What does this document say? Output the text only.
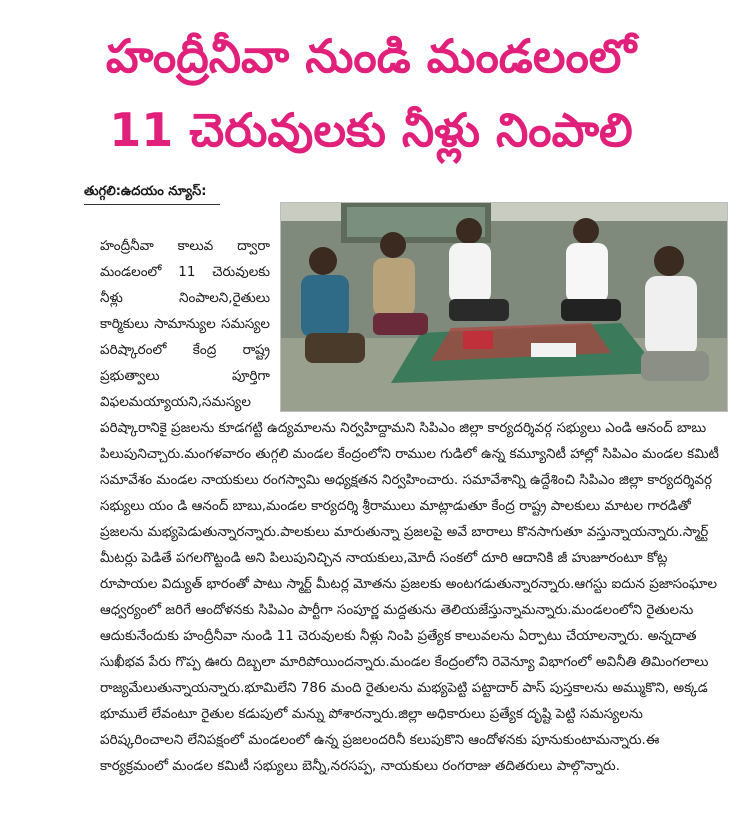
హంద్రీనీవా నుండి మండలంలో
11 చెరువులకు నీళ్లు నింపాలి
తుగ్గలి:ఉదయం న్యూస్:
హంద్రీనీవా కాలువ ద్వారా
మండలంలో 11 చెరువులకు
నీళ్లు నింపాలని,రైతులు
కార్మికులు సామాన్యుల సమస్యల
పరిష్కారంలో కేంద్ర రాష్ట్ర
ప్రభుత్వాలు పూర్తిగా
విఫలమయ్యాయని,సమస్యల
పరిష్కారానికై ప్రజలను కూడగట్టి ఉద్యమాలను నిర్వహిద్దామని సిపిఎం జిల్లా కార్యదర్శివర్గ సభ్యులు ఎండి ఆనంద్ బాబు
పిలుపునిచ్చారు.మంగళవారం తుగ్గలి మండల కేంద్రంలోని రాముల గుడిలో ఉన్న కమ్యూనిటీ హాల్లో సిపిఎం మండల కమిటీ
సమావేశం మండల నాయకులు రంగస్వామి అధ్యక్షతన నిర్వహించారు. సమావేశాన్ని ఉద్దేశించి సిపిఎం జిల్లా కార్యదర్శివర్గ
సభ్యులు యం డి ఆనంద్ బాబు,మండల కార్యదర్శి శ్రీరాములు మాట్లాడుతూ కేంద్ర రాష్ట్ర పాలకులు మాటల గారడితో
ప్రజలను మభ్యపెడుతున్నారన్నారు.పాలకులు మారుతున్నా ప్రజలపై అవే బారాలు కొనసాగుతూ వస్తున్నాయన్నారు.స్మార్ట్
మీటర్లు పెడితే పగలగొట్టండి అని పిలుపునిచ్చిన నాయకులు,మోదీ సంకలో దూరి ఆదానికి జీ హుజూరంటూ కోట్ల
రూపాయల విద్యుత్ భారంతో పాటు స్మార్ట్ మీటర్ల మోతను ప్రజలకు అంటగడుతున్నారన్నారు.ఆగస్టు ఐదున ప్రజాసంఘాల
ఆధ్వర్యంలో జరిగే ఆందోళనకు సిపిఎం పార్టీగా సంపూర్ణ మద్దతును తెలియజేస్తున్నామన్నారు.మండలంలోని రైతులను
ఆదుకునేందుకు హంద్రీనీవా నుండి 11 చెరువులకు నీళ్లు నింపి ప్రత్యేక కాలువలను ఏర్పాటు చేయాలన్నారు. అన్నదాత
సుఖీభవ పేరు గొప్ప ఊరు దిబ్బలా మారిపోయిందన్నారు.మండల కేంద్రంలోని రెవెన్యూ విభాగంలో అవినీతి తిమింగలాలు
రాజ్యమేలుతున్నాయన్నారు.భూమిలేని 786 మంది రైతులను మభ్యపెట్టి పట్టాదార్ పాస్ పుస్తకాలను అమ్ముకొని, అక్కడ
భూములే లేవంటూ రైతుల కడుపులో మన్ను పోశారన్నారు.జిల్లా అధికారులు ప్రత్యేక దృష్టి పెట్టి సమస్యలను
పరిష్కరించాలని లేనిపక్షంలో మండలంలో ఉన్న ప్రజలందరినీ కలుపుకొని ఆందోళనకు పూనుకుంటామన్నారు.ఈ
కార్యక్రమంలో మండల కమిటీ సభ్యులు బెన్నీ,నరసప్ప, నాయకులు రంగరాజు తదితరులు పాల్గొన్నారు.
